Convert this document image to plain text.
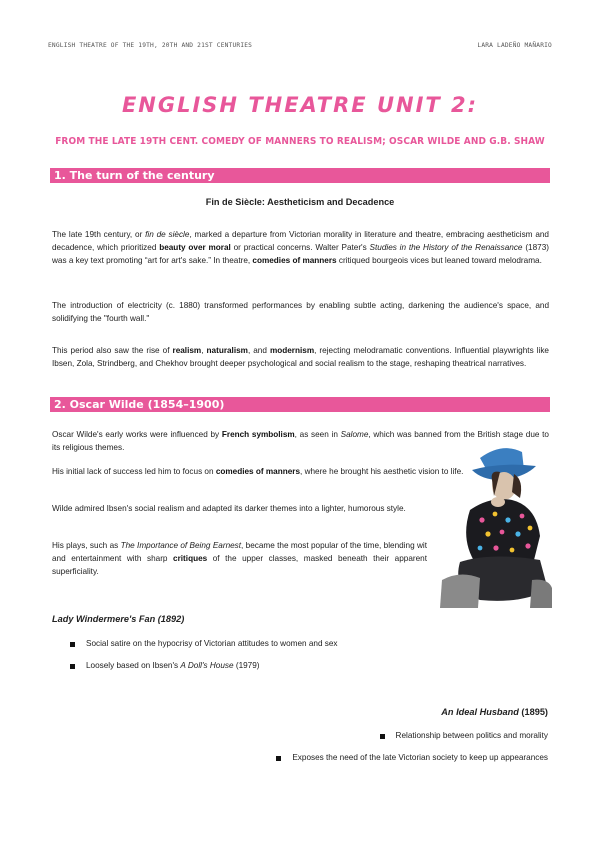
ENGLISH THEATRE OF THE 19TH, 20TH AND 21ST CENTURIES	LARA LADEÑO MAÑARIO
ENGLISH THEATRE UNIT 2:
FROM THE LATE 19TH CENT. COMEDY OF MANNERS TO REALISM; OSCAR WILDE AND G.B. SHAW
1. The turn of the century
Fin de Siècle: Aestheticism and Decadence
The late 19th century, or fin de siècle, marked a departure from Victorian morality in literature and theatre, embracing aestheticism and decadence, which prioritized beauty over moral or practical concerns. Walter Pater's Studies in the History of the Renaissance (1873) was a key text promoting “art for art's sake.” In theatre, comedies of manners critiqued bourgeois vices but leaned toward melodrama.
The introduction of electricity (c. 1880) transformed performances by enabling subtle acting, darkening the audience's space, and solidifying the "fourth wall."
This period also saw the rise of realism, naturalism, and modernism, rejecting melodramatic conventions. Influential playwrights like Ibsen, Zola, Strindberg, and Chekhov brought deeper psychological and social realism to the stage, reshaping theatrical narratives.
2. Oscar Wilde (1854–1900)
Oscar Wilde's early works were influenced by French symbolism, as seen in Salome, which was banned from the British stage due to its religious themes.
His initial lack of success led him to focus on comedies of manners, where he brought his aesthetic vision to life.
Wilde admired Ibsen's social realism and adapted its darker themes into a lighter, humorous style.
His plays, such as The Importance of Being Earnest, became the most popular of the time, blending wit and entertainment with sharp critiques of the upper classes, masked beneath their apparent superficiality.
Lady Windermere's Fan (1892)
Social satire on the hypocrisy of Victorian attitudes to women and sex
Loosely based on Ibsen's A Doll's House (1979)
An Ideal Husband (1895)
Relationship between politics and morality
Exposes the need of the late Victorian society to keep up appearances
